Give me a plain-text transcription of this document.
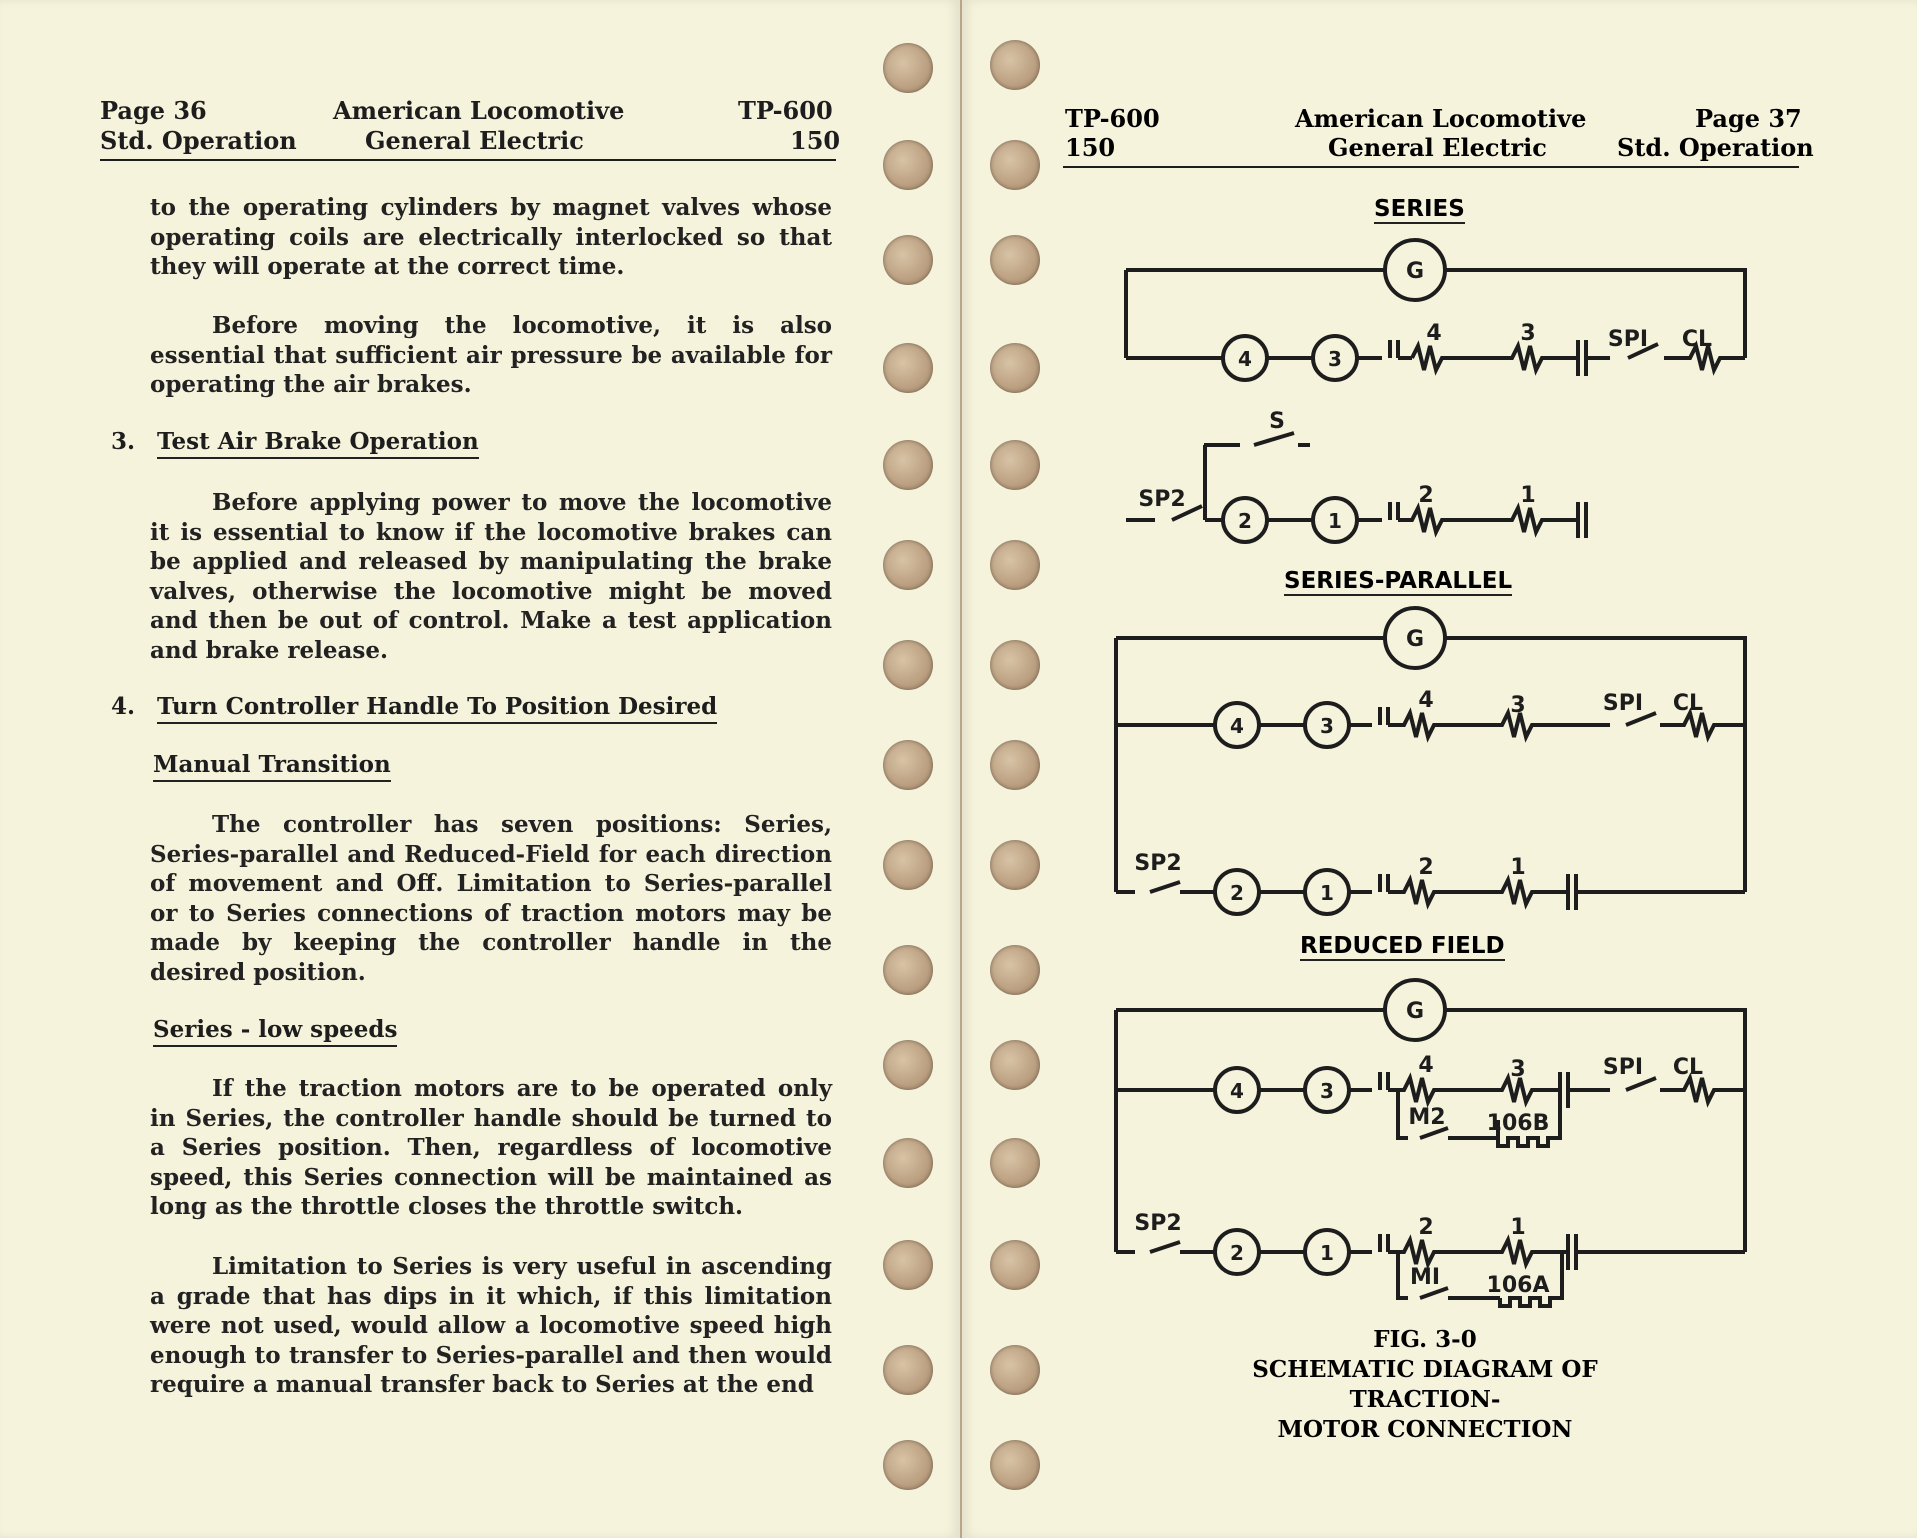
Page 36
Std. Operation
American Locomotive
General Electric
TP-600
150

to the operating cylinders by magnet valves whose operating coils are electrically interlocked so that they will operate at the correct time.

Before moving the locomotive, it is also essential that sufficient air pressure be available for operating the air brakes.

3. Test Air Brake Operation

Before applying power to move the locomotive it is essential to know if the locomotive brakes can be applied and released by manipulating the brake valves, otherwise the locomotive might be moved and then be out of control. Make a test application and brake release.

4. Turn Controller Handle To Position Desired
Manual Transition

The controller has seven positions: Series, Series-parallel and Reduced-Field for each direction of movement and Off. Limitation to Series-parallel or to Series connections of traction motors may be made by keeping the controller handle in the desired position.

Series - low speeds

If the traction motors are to be operated only in Series, the controller handle should be turned to a Series position. Then, regardless of locomotive speed, this Series connection will be maintained as long as the throttle closes the throttle switch.

Limitation to Series is very useful in ascending a grade that has dips in it which, if this limitation were not used, would allow a locomotive speed high enough to transfer to Series-parallel and then would require a manual transfer back to Series at the end

TP-600
150
American Locomotive
General Electric
Page 37
Std. Operation
SERIES
SERIES-PARALLEL
REDUCED FIELD
G
4	3
4	3	SPI CL
S
SP2
2	1
2	1
G
4	3
4	3	SPI CL
SP2
2	1
2	1
G
4	3
4	3	SPI CL
M2 106B
SP2
2	1
2	1
MI 106A
FIG. 3-0
SCHEMATIC DIAGRAM OF TRACTION-
MOTOR CONNECTION
